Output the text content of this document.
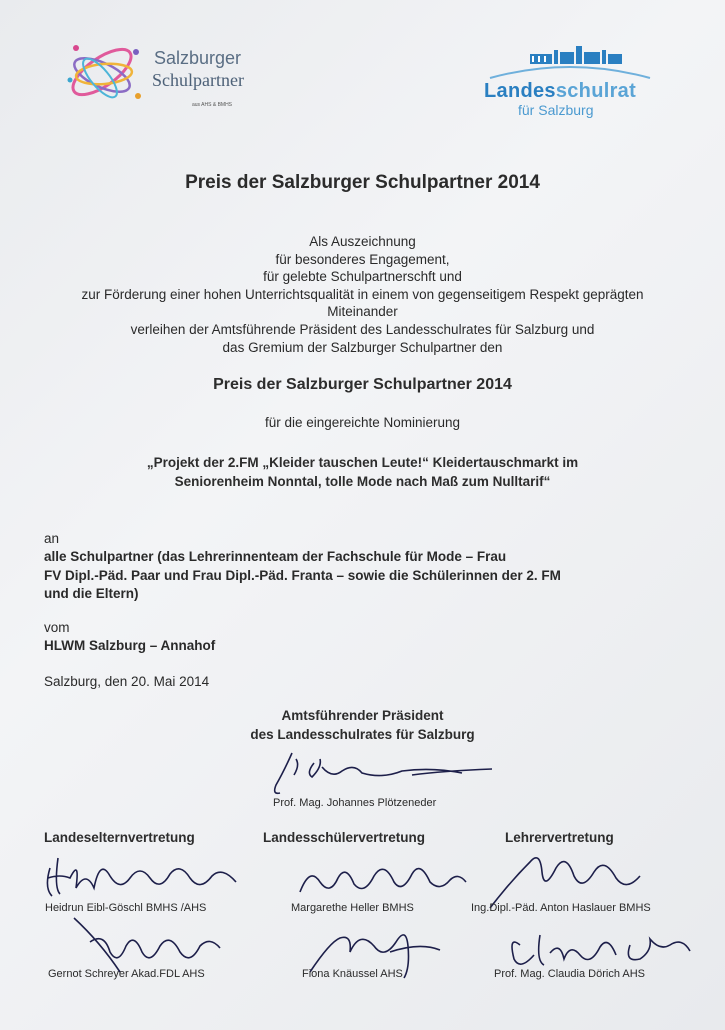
Salzburger
Schulpartner
aus AHS & BMHS
Landesschulrat
für Salzburg
Preis der Salzburger Schulpartner 2014
Als Auszeichnung
für besonderes Engagement,
für gelebte Schulpartnerschft und
zur Förderung einer hohen Unterrichtsqualität in einem von gegenseitigem Respekt geprägten
Miteinander
verleihen der Amtsführende Präsident des Landesschulrates für Salzburg und
das Gremium der Salzburger Schulpartner den
Preis der Salzburger Schulpartner 2014
für die eingereichte Nominierung
„Projekt der 2.FM „Kleider tauschen Leute!“ Kleidertauschmarkt im
Seniorenheim Nonntal, tolle Mode nach Maß zum Nulltarif“
an
alle Schulpartner (das Lehrerinnenteam der Fachschule für Mode – Frau
FV Dipl.-Päd. Paar und Frau Dipl.-Päd. Franta – sowie die Schülerinnen der 2. FM
und die Eltern)
vom
HLWM Salzburg – Annahof
Salzburg, den 20. Mai 2014
Amtsführender Präsident
des Landesschulrates für Salzburg
Prof. Mag. Johannes Plötzeneder
Landeselternvertretung	Landesschülervertretung	Lehrervertretung
Heidrun Eibl-Göschl BMHS /AHS	Margarethe Heller BMHS	Ing.Dipl.-Päd. Anton Haslauer BMHS
Gernot Schreyer Akad.FDL AHS	Fiona Knäussel AHS	Prof. Mag. Claudia Dörich AHS
